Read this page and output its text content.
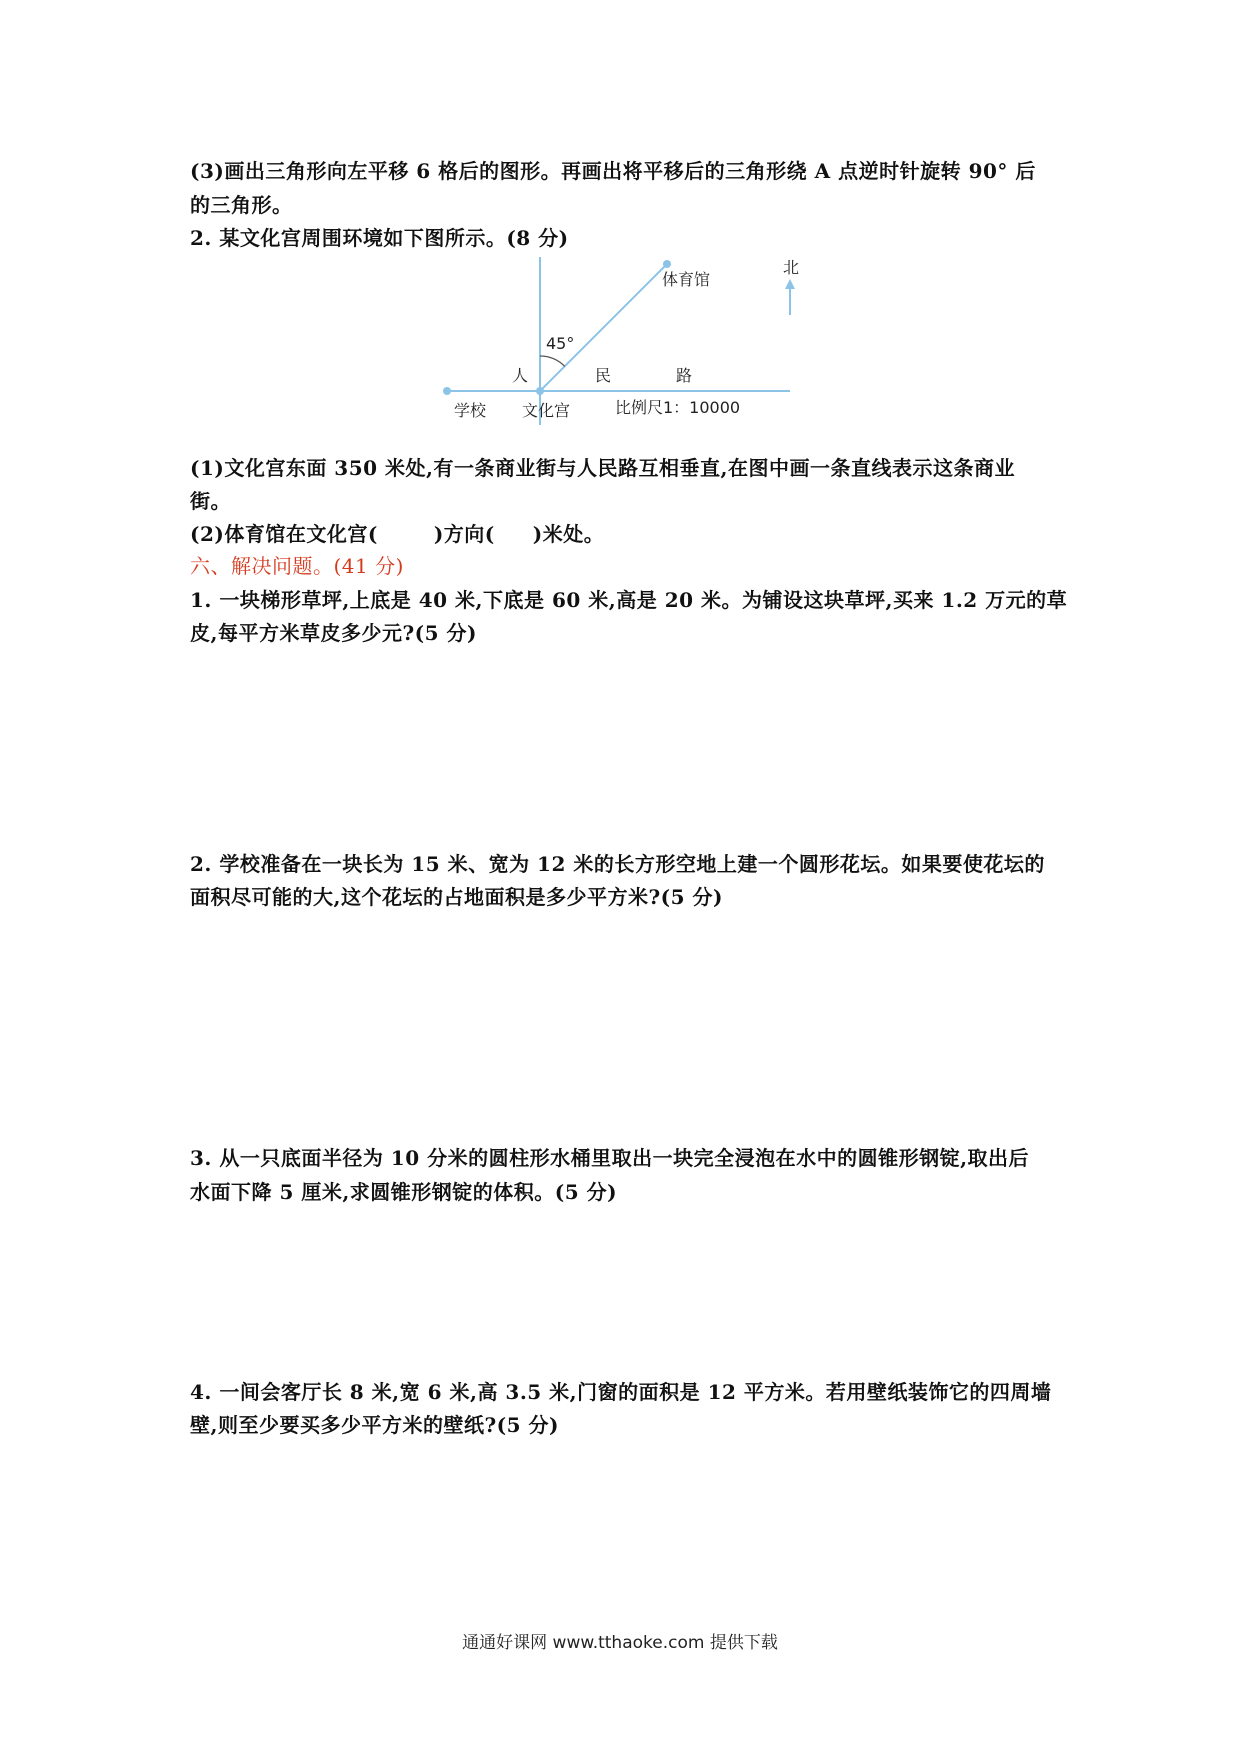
(3)画出三角形向左平移 6 格后的图形。再画出将平移后的三角形绕 A 点逆时针旋转 90° 后
的三角形。
2. 某文化宫周围环境如下图所示。(8 分)
北
体育馆
45°
人	民	路
学校 文化宫	比例尺1：10000
(1)文化宫东面 350 米处,有一条商业街与人民路互相垂直,在图中画一条直线表示这条商业
街。
(2)体育馆在文化宫(	)方向( )米处。
六、解决问题。(41 分)
1. 一块梯形草坪,上底是 40 米,下底是 60 米,高是 20 米。为铺设这块草坪,买来 1.2 万元的草
皮,每平方米草皮多少元?(5 分)
2. 学校准备在一块长为 15 米、宽为 12 米的长方形空地上建一个圆形花坛。如果要使花坛的
面积尽可能的大,这个花坛的占地面积是多少平方米?(5 分)
3. 从一只底面半径为 10 分米的圆柱形水桶里取出一块完全浸泡在水中的圆锥形钢锭,取出后
水面下降 5 厘米,求圆锥形钢锭的体积。(5 分)
4. 一间会客厅长 8 米,宽 6 米,高 3.5 米,门窗的面积是 12 平方米。若用壁纸装饰它的四周墙
壁,则至少要买多少平方米的壁纸?(5 分)
通通好课网 www.tthaoke.com 提供下载
